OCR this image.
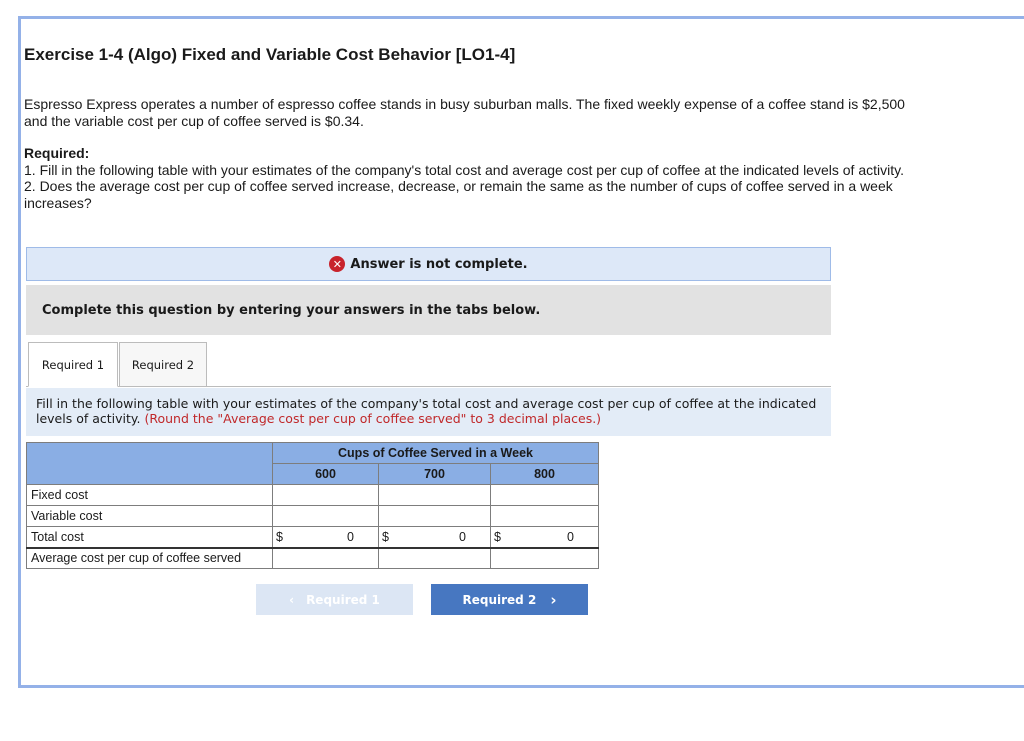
Exercise 1-4 (Algo) Fixed and Variable Cost Behavior [LO1-4]
Espresso Express operates a number of espresso coffee stands in busy suburban malls. The fixed weekly expense of a coffee stand is $2,500 and the variable cost per cup of coffee served is $0.34.
Required:
1. Fill in the following table with your estimates of the company's total cost and average cost per cup of coffee at the indicated levels of activity.
2. Does the average cost per cup of coffee served increase, decrease, or remain the same as the number of cups of coffee served in a week increases?
✕ Answer is not complete.
Complete this question by entering your answers in the tabs below.
Required 1 Required 2
Fill in the following table with your estimates of the company's total cost and average cost per cup of coffee at the indicated levels of activity. (Round the "Average cost per cup of coffee served" to 3 decimal places.)
	Cups of Coffee Served in a Week		
	600	700	800
Fixed cost			
Variable cost			
Total cost	$ 0	$ 0	$ 0

Average cost per cup of coffee served			
‹ Required 1	Required 2 ›
